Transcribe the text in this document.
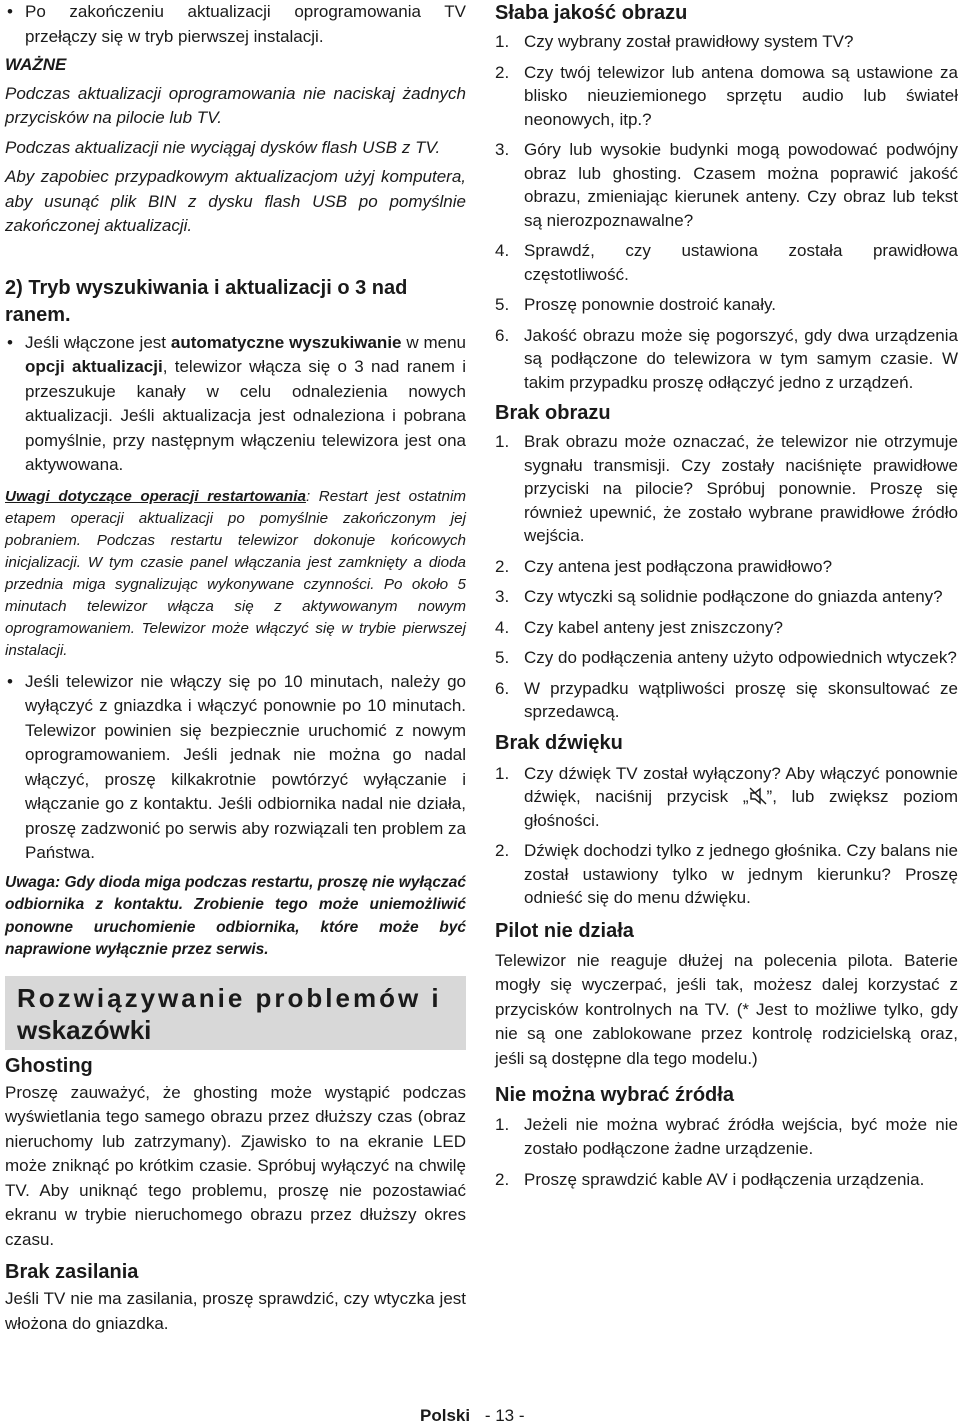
• Po zakończeniu aktualizacji oprogramowania TV przełączy się w tryb pierwszej instalacji.

WAŻNE

Podczas aktualizacji oprogramowania nie naciskaj żadnych przycisków na pilocie lub TV.

Podczas aktualizacji nie wyciągaj dysków flash USB z TV.

Aby zapobiec przypadkowym aktualizacjom użyj komputera, aby usunąć plik BIN z dysku flash USB po pomyślnie zakończonej aktualizacji.

2) Tryb wyszukiwania i aktualizacji o 3 nad ranem.

• Jeśli włączone jest automatyczne wyszukiwanie w menu opcji aktualizacji, telewizor włącza się o 3 nad ranem i przeszukuje kanały w celu odnalezienia nowych aktualizacji. Jeśli aktualizacja jest odnaleziona i pobrana pomyślnie, przy następnym włączeniu telewizora jest ona aktywowana.

Uwagi dotyczące operacji restartowania: Restart jest ostatnim etapem operacji aktualizacji po pomyślnie zakończonym jej pobraniem. Podczas restartu telewizor dokonuje końcowych inicjalizacji. W tym czasie panel włączania jest zamknięty a dioda przednia miga sygnalizując wykonywane czynności. Po około 5 minutach telewizor włącza się z aktywowanym nowym oprogramowaniem. Telewizor może włączyć się w trybie pierwszej instalacji.

• Jeśli telewizor nie włączy się po 10 minutach, należy go wyłączyć z gniazdka i włączyć ponownie po 10 minutach. Telewizor powinien się bezpiecznie uruchomić z nowym oprogramowaniem. Jeśli jednak nie można go nadal włączyć, proszę kilkakrotnie powtórzyć wyłączanie i włączanie go z kontaktu. Jeśli odbiornika nadal nie działa, proszę zadzwonić po serwis aby rozwiązali ten problem za Państwa.

Uwaga: Gdy dioda miga podczas restartu, proszę nie wyłączać odbiornika z kontaktu. Zrobienie tego może uniemożliwić ponowne uruchomienie odbiornika, które może być naprawione wyłącznie przez serwis.

Rozwiązywanie problemów i
wskazówki

Ghosting

Proszę zauważyć, że ghosting może wystąpić podczas wyświetlania tego samego obrazu przez dłuższy czas (obraz nieruchomy lub zatrzymany). Zjawisko to na ekranie LED może zniknąć po krótkim czasie. Spróbuj wyłączyć na chwilę TV. Aby uniknąć tego problemu, proszę nie pozostawiać ekranu w trybie nieruchomego obrazu przez dłuższy okres czasu.

Brak zasilania

Jeśli TV nie ma zasilania, proszę sprawdzić, czy wtyczka jest włożona do gniazdka.

Słaba jakość obrazu

1. Czy wybrany został prawidłowy system TV?
2. Czy twój telewizor lub antena domowa są ustawione za blisko nieuziemionego sprzętu audio lub świateł neonowych, itp.?
3. Góry lub wysokie budynki mogą powodować podwójny obraz lub ghosting. Czasem można poprawić jakość obrazu, zmieniając kierunek anteny. Czy obraz lub tekst są nierozpoznawalne?
4. Sprawdź, czy ustawiona została prawidłowa częstotliwość.
5. Proszę ponownie dostroić kanały.
6. Jakość obrazu może się pogorszyć, gdy dwa urządzenia są podłączone do telewizora w tym samym czasie. W takim przypadku proszę odłączyć jedno z urządzeń.

Brak obrazu

1. Brak obrazu może oznaczać, że telewizor nie otrzymuje sygnału transmisji. Czy zostały naciśnięte prawidłowe przyciski na pilocie? Spróbuj ponownie. Proszę się również upewnić, że zostało wybrane prawidłowe źródło wejścia.
2. Czy antena jest podłączona prawidłowo?
3. Czy wtyczki są solidnie podłączone do gniazda anteny?
4. Czy kabel anteny jest zniszczony?
5. Czy do podłączenia anteny użyto odpowiednich wtyczek?
6. W przypadku wątpliwości proszę się skonsultować ze sprzedawcą.

Brak dźwięku

1. Czy dźwięk TV został wyłączony? Aby włączyć ponownie dźwięk, naciśnij przycisk „ ”, lub zwiększ poziom głośności.
2. Dźwięk dochodzi tylko z jednego głośnika. Czy balans nie został ustawiony tylko w jednym kierunku? Proszę odnieść się do menu dźwięku.

Pilot nie działa

Telewizor nie reaguje dłużej na polecenia pilota. Baterie mogły się wyczerpać, jeśli tak, możesz dalej korzystać z przycisków kontrolnych na TV. (* Jest to możliwe tylko, gdy nie są one zablokowane przez kontrolę rodzicielską oraz, jeśli są dostępne dla tego modelu.)

Nie można wybrać źródła

1. Jeżeli nie można wybrać źródła wejścia, być może nie zostało podłączone żadne urządzenie.
2. Proszę sprawdzić kable AV i podłączenia urządzenia.
Polski - 13 -
